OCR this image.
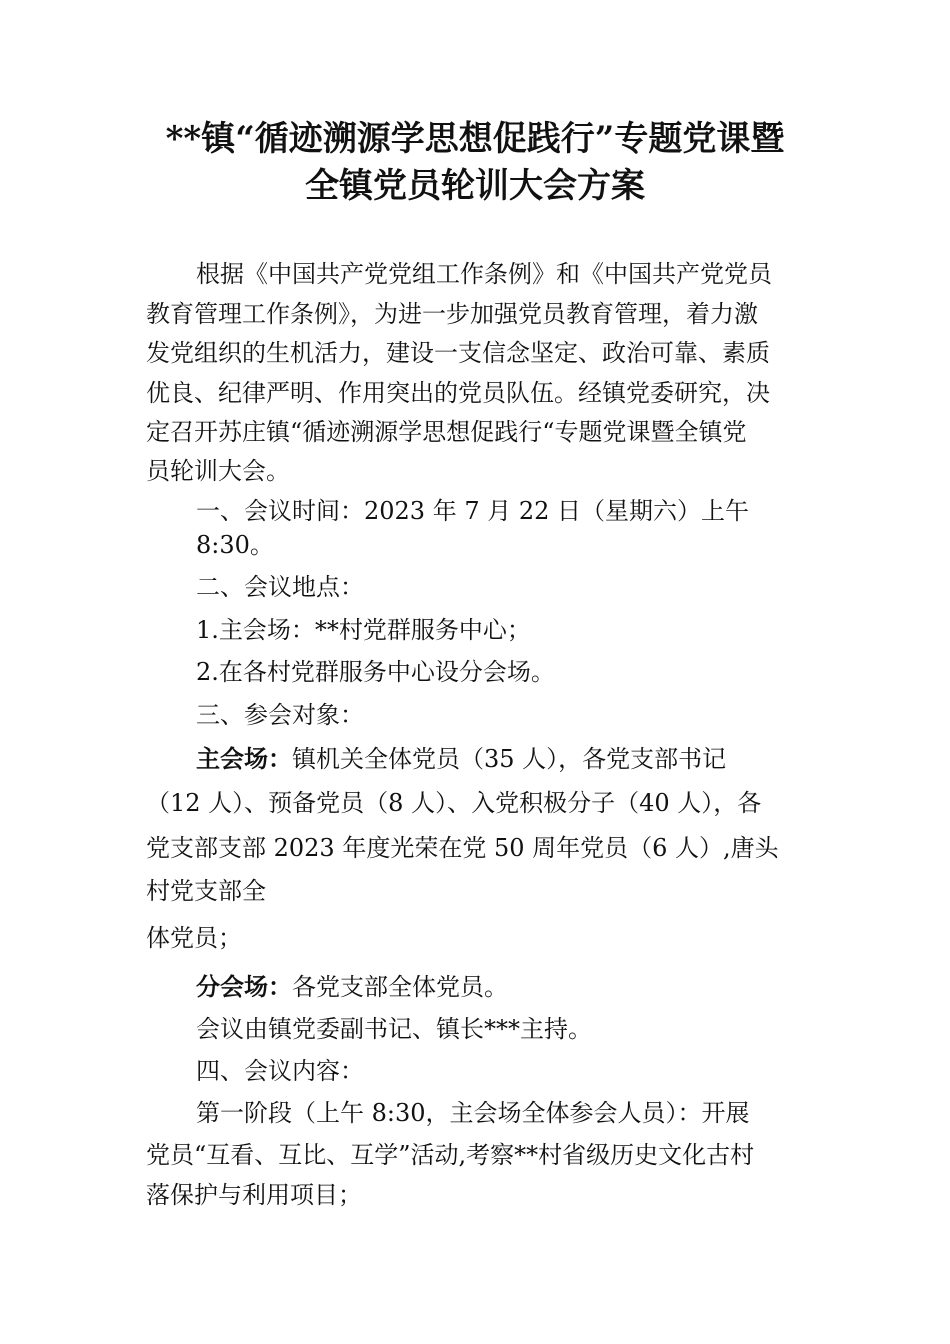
**镇“循迹溯源学思想促践行”专题党课暨
全镇党员轮训大会方案
根据《中国共产党党组工作条例》和《中国共产党党员
教育管理工作条例》，为进一步加强党员教育管理，着力激
发党组织的生机活力，建设一支信念坚定、政治可靠、素质
优良、纪律严明、作用突出的党员队伍。经镇党委研究，决
定召开苏庄镇“循迹溯源学思想促践行“专题党课暨全镇党
员轮训大会。
一、会议时间：2023 年 7 月 22 日（星期六）上午
8:30。
二、会议地点：
1.主会场：**村党群服务中心；
2.在各村党群服务中心设分会场。
三、参会对象：
主会场：镇机关全体党员（35 人），各党支部书记
（12 人）、预备党员（8 人）、入党积极分子（40 人），各
党支部支部 2023 年度光荣在党 50 周年党员（6 人）,唐头
村党支部全
体党员；
分会场：各党支部全体党员。
会议由镇党委副书记、镇长***主持。
四、会议内容：
第一阶段（上午 8:30，主会场全体参会人员）：开展
党员“互看、互比、互学”活动,考察**村省级历史文化古村
落保护与利用项目；
